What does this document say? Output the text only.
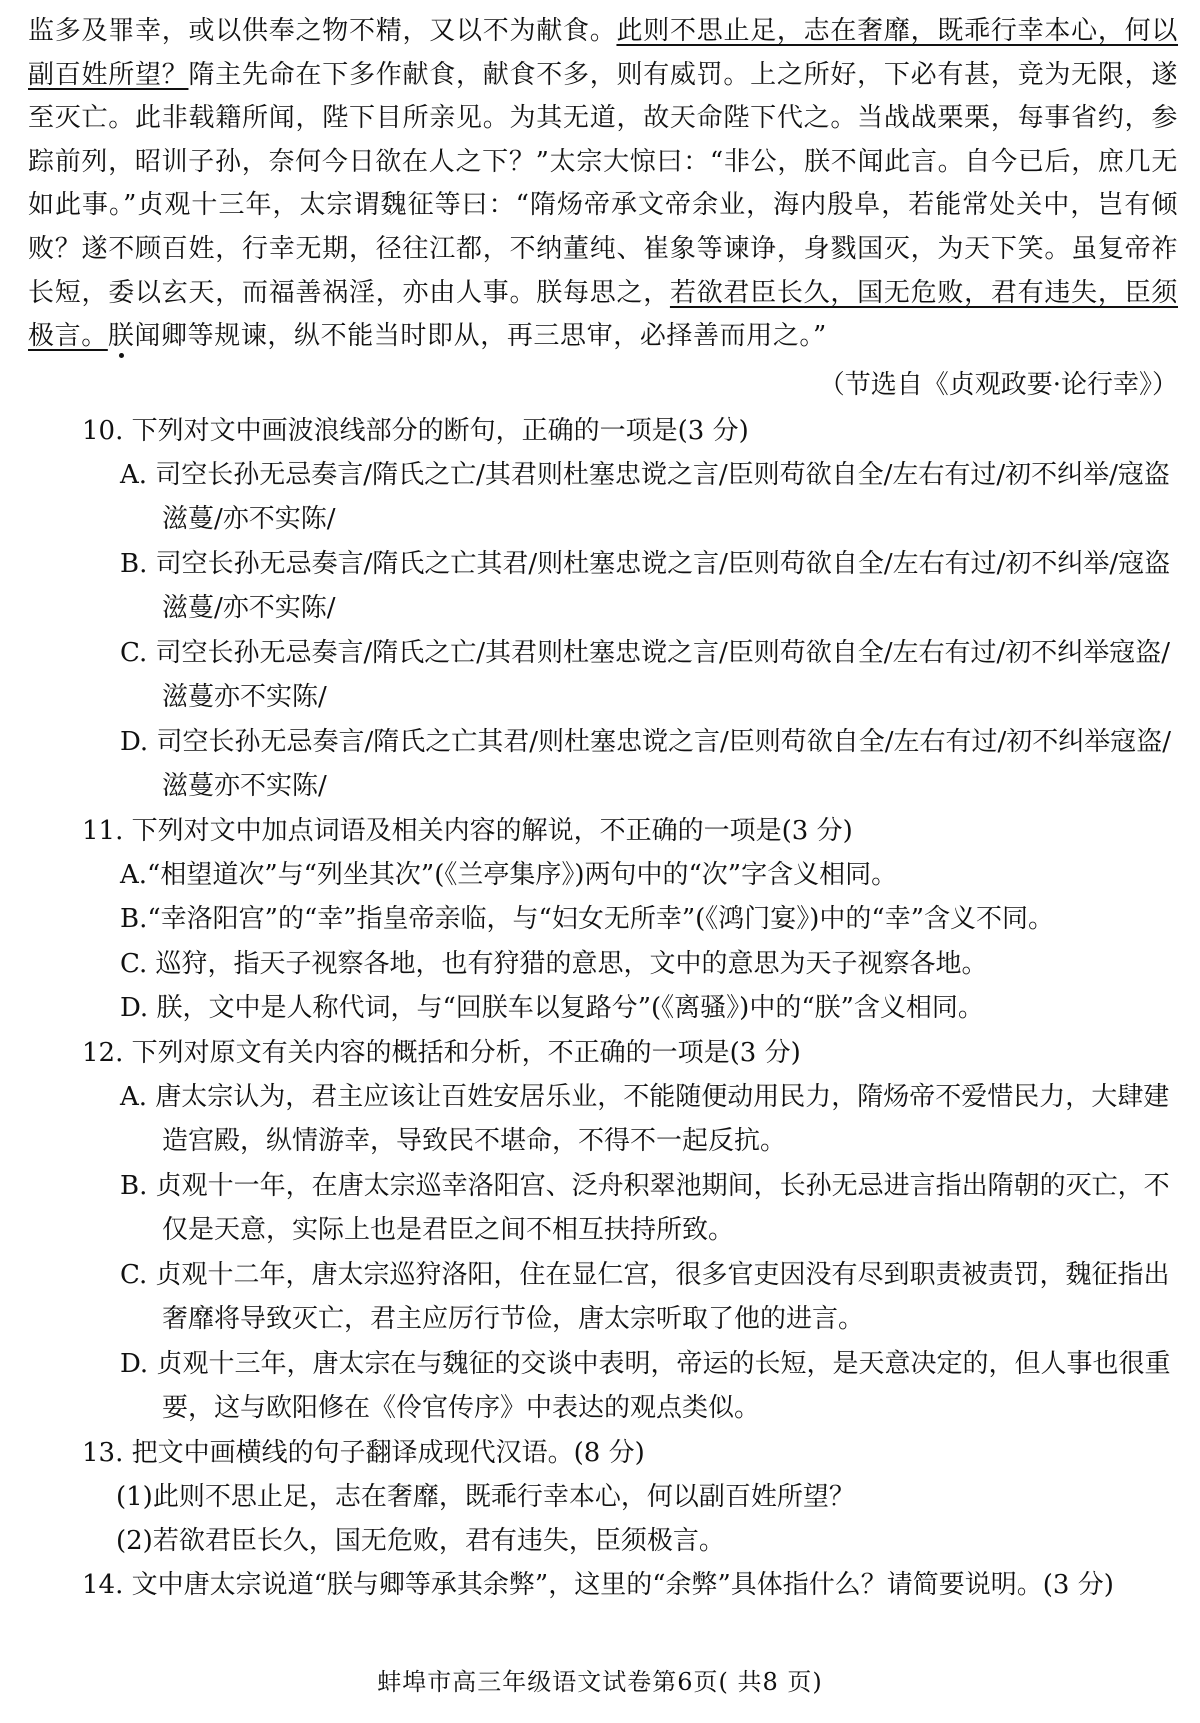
监多及罪幸，或以供奉之物不精，又以不为献食。此则不思止足，志在奢靡，既乖行幸本心，何以副百姓所望？隋主先命在下多作献食，献食不多，则有威罚。上之所好，下必有甚，竞为无限，遂至灭亡。此非载籍所闻，陛下目所亲见。为其无道，故天命陛下代之。当战战栗栗，每事省约，参踪前列，昭训子孙，奈何今日欲在人之下？”太宗大惊曰：“非公，朕不闻此言。自今已后，庶几无如此事。”贞观十三年，太宗谓魏征等曰：“隋炀帝承文帝余业，海内殷阜，若能常处关中，岂有倾败？遂不顾百姓，行幸无期，径往江都，不纳董纯、崔象等谏诤，身戮国灭，为天下笑。虽复帝祚长短，委以玄天，而福善祸淫，亦由人事。朕每思之，若欲君臣长久，国无危败，君有违失，臣须极言。朕闻卿等规谏，纵不能当时即从，再三思审，必择善而用之。”

（节选自《贞观政要·论行幸》）

10. 下列对文中画波浪线部分的断句，正确的一项是(3 分)

A. 司空长孙无忌奏言/隋氏之亡/其君则杜塞忠谠之言/臣则苟欲自全/左右有过/初不纠举/寇盗滋蔓/亦不实陈/

B. 司空长孙无忌奏言/隋氏之亡其君/则杜塞忠谠之言/臣则苟欲自全/左右有过/初不纠举/寇盗滋蔓/亦不实陈/

C. 司空长孙无忌奏言/隋氏之亡/其君则杜塞忠谠之言/臣则苟欲自全/左右有过/初不纠举寇盗/滋蔓亦不实陈/

D. 司空长孙无忌奏言/隋氏之亡其君/则杜塞忠谠之言/臣则苟欲自全/左右有过/初不纠举寇盗/滋蔓亦不实陈/

11. 下列对文中加点词语及相关内容的解说，不正确的一项是(3 分)

A.“相望道次”与“列坐其次”(《兰亭集序》)两句中的“次”字含义相同。

B.“幸洛阳宫”的“幸”指皇帝亲临，与“妇女无所幸”(《鸿门宴》)中的“幸”含义不同。

C. 巡狩，指天子视察各地，也有狩猎的意思，文中的意思为天子视察各地。

D. 朕，文中是人称代词，与“回朕车以复路兮”(《离骚》)中的“朕”含义相同。

12. 下列对原文有关内容的概括和分析，不正确的一项是(3 分)

A. 唐太宗认为，君主应该让百姓安居乐业，不能随便动用民力，隋炀帝不爱惜民力，大肆建造宫殿，纵情游幸，导致民不堪命，不得不一起反抗。

B. 贞观十一年，在唐太宗巡幸洛阳宫、泛舟积翠池期间，长孙无忌进言指出隋朝的灭亡，不仅是天意，实际上也是君臣之间不相互扶持所致。

C. 贞观十二年，唐太宗巡狩洛阳，住在显仁宫，很多官吏因没有尽到职责被责罚，魏征指出奢靡将导致灭亡，君主应厉行节俭，唐太宗听取了他的进言。

D. 贞观十三年，唐太宗在与魏征的交谈中表明，帝运的长短，是天意决定的，但人事也很重要，这与欧阳修在《伶官传序》中表达的观点类似。

13. 把文中画横线的句子翻译成现代汉语。(8 分)

(1)此则不思止足，志在奢靡，既乖行幸本心，何以副百姓所望？

(2)若欲君臣长久，国无危败，君有违失，臣须极言。

14. 文中唐太宗说道“朕与卿等承其余弊”，这里的“余弊”具体指什么？请简要说明。(3 分)

蚌埠市高三年级语文试卷第6页( 共8 页)
